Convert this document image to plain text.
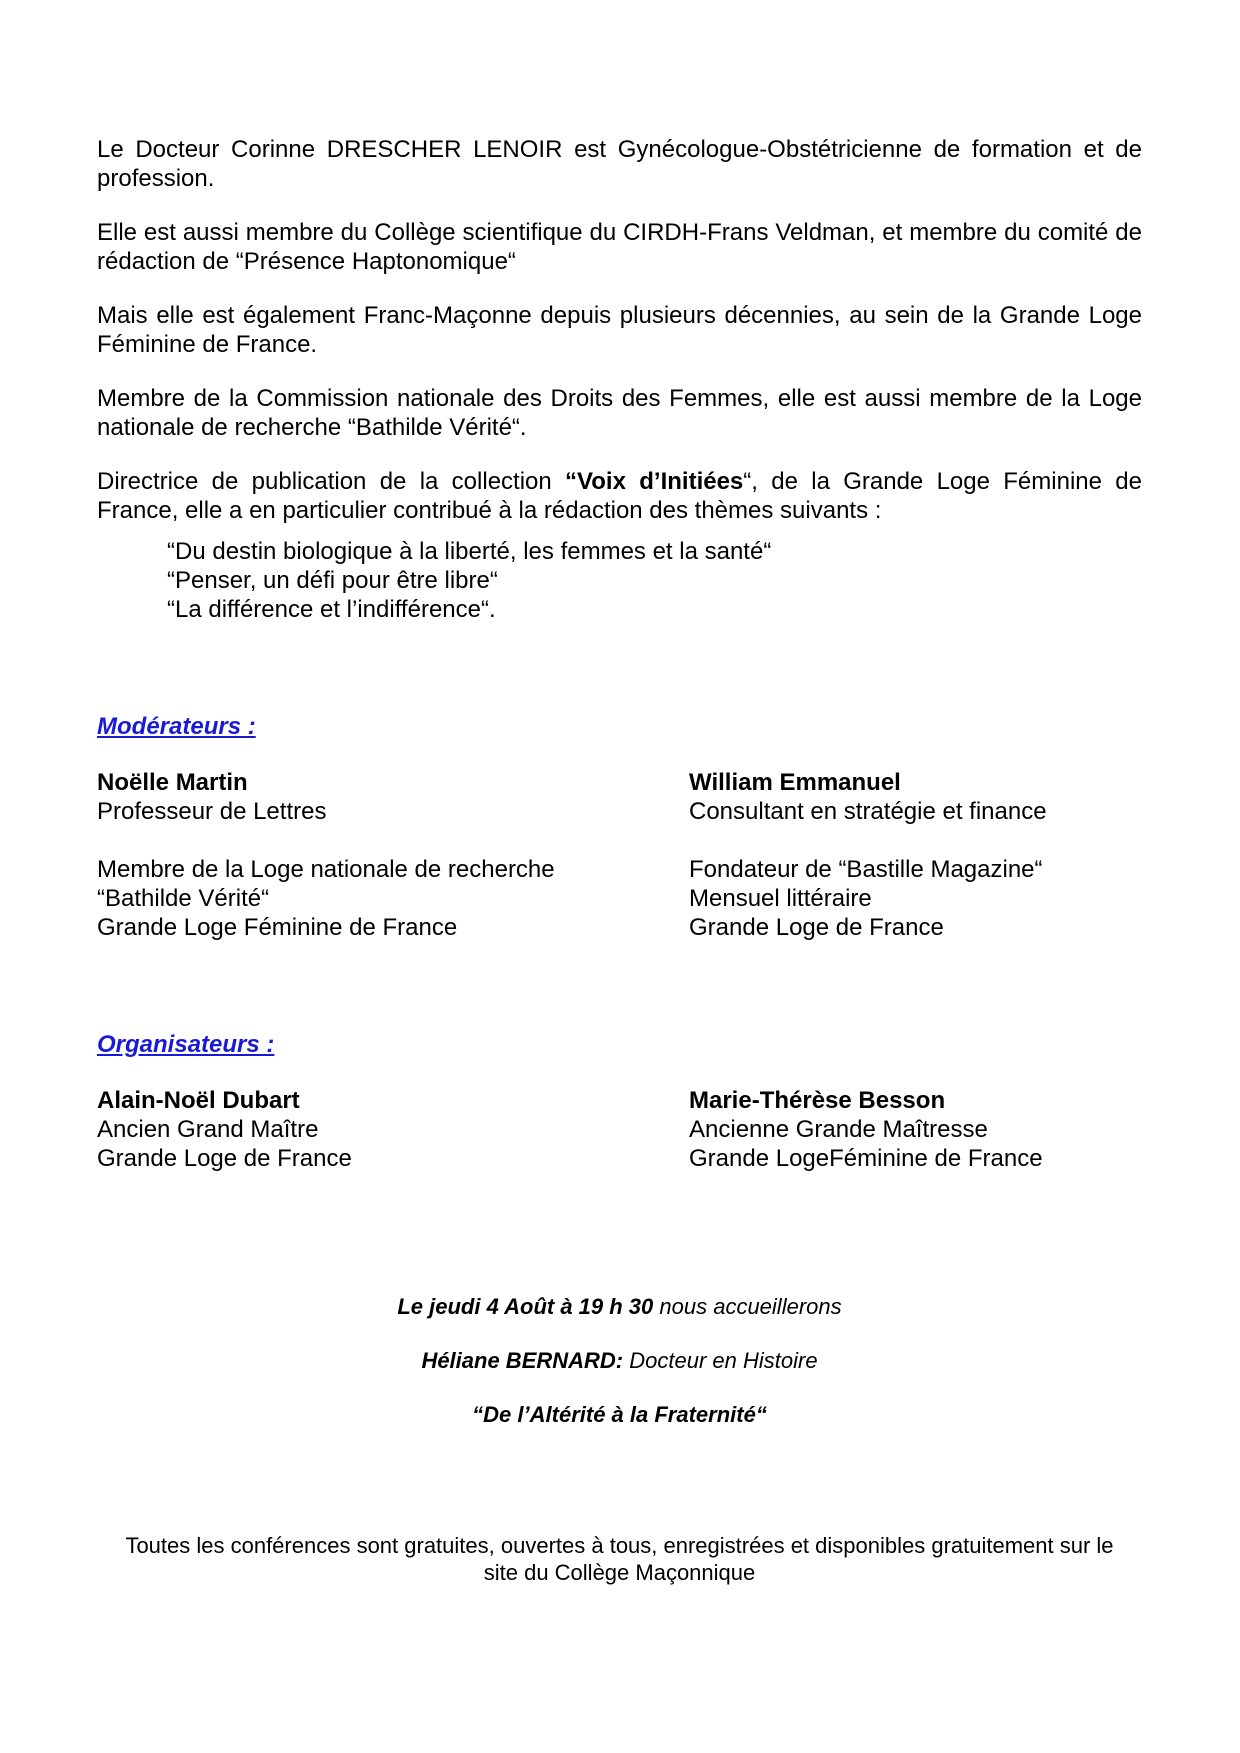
Le Docteur Corinne DRESCHER LENOIR est Gynécologue-Obstétricienne de formation et de profession.

Elle est aussi membre du Collège scientifique du CIRDH-Frans Veldman, et membre du comité de rédaction de “Présence Haptonomique“

Mais elle est également Franc-Maçonne depuis plusieurs décennies, au sein de la Grande Loge Féminine de France.

Membre de la Commission nationale des Droits des Femmes, elle est aussi membre de la Loge nationale de recherche “Bathilde Vérité“.

Directrice de publication de la collection “Voix d’Initiées“, de la Grande Loge Féminine de France, elle a en particulier contribué à la rédaction des thèmes suivants :

“Du destin biologique à la liberté, les femmes et la santé“
“Penser, un défi pour être libre“
“La différence et l’indifférence“.
Modérateurs :
Noëlle Martin
Professeur de Lettres
Membre de la Loge nationale de recherche
“Bathilde Vérité“
Grande Loge Féminine de France
William Emmanuel
Consultant en stratégie et finance
Fondateur de “Bastille Magazine“
Mensuel littéraire
Grande Loge de France
Organisateurs :
Alain-Noël Dubart
Ancien Grand Maître
Grande Loge de France
Marie-Thérèse Besson
Ancienne Grande Maîtresse
Grande LogeFéminine de France
Le jeudi 4 Août à 19 h 30 nous accueillerons
Héliane BERNARD: Docteur en Histoire
“De l’Altérité à la Fraternité“
Toutes les conférences sont gratuites, ouvertes à tous, enregistrées et disponibles gratuitement sur le
site du Collège Maçonnique
